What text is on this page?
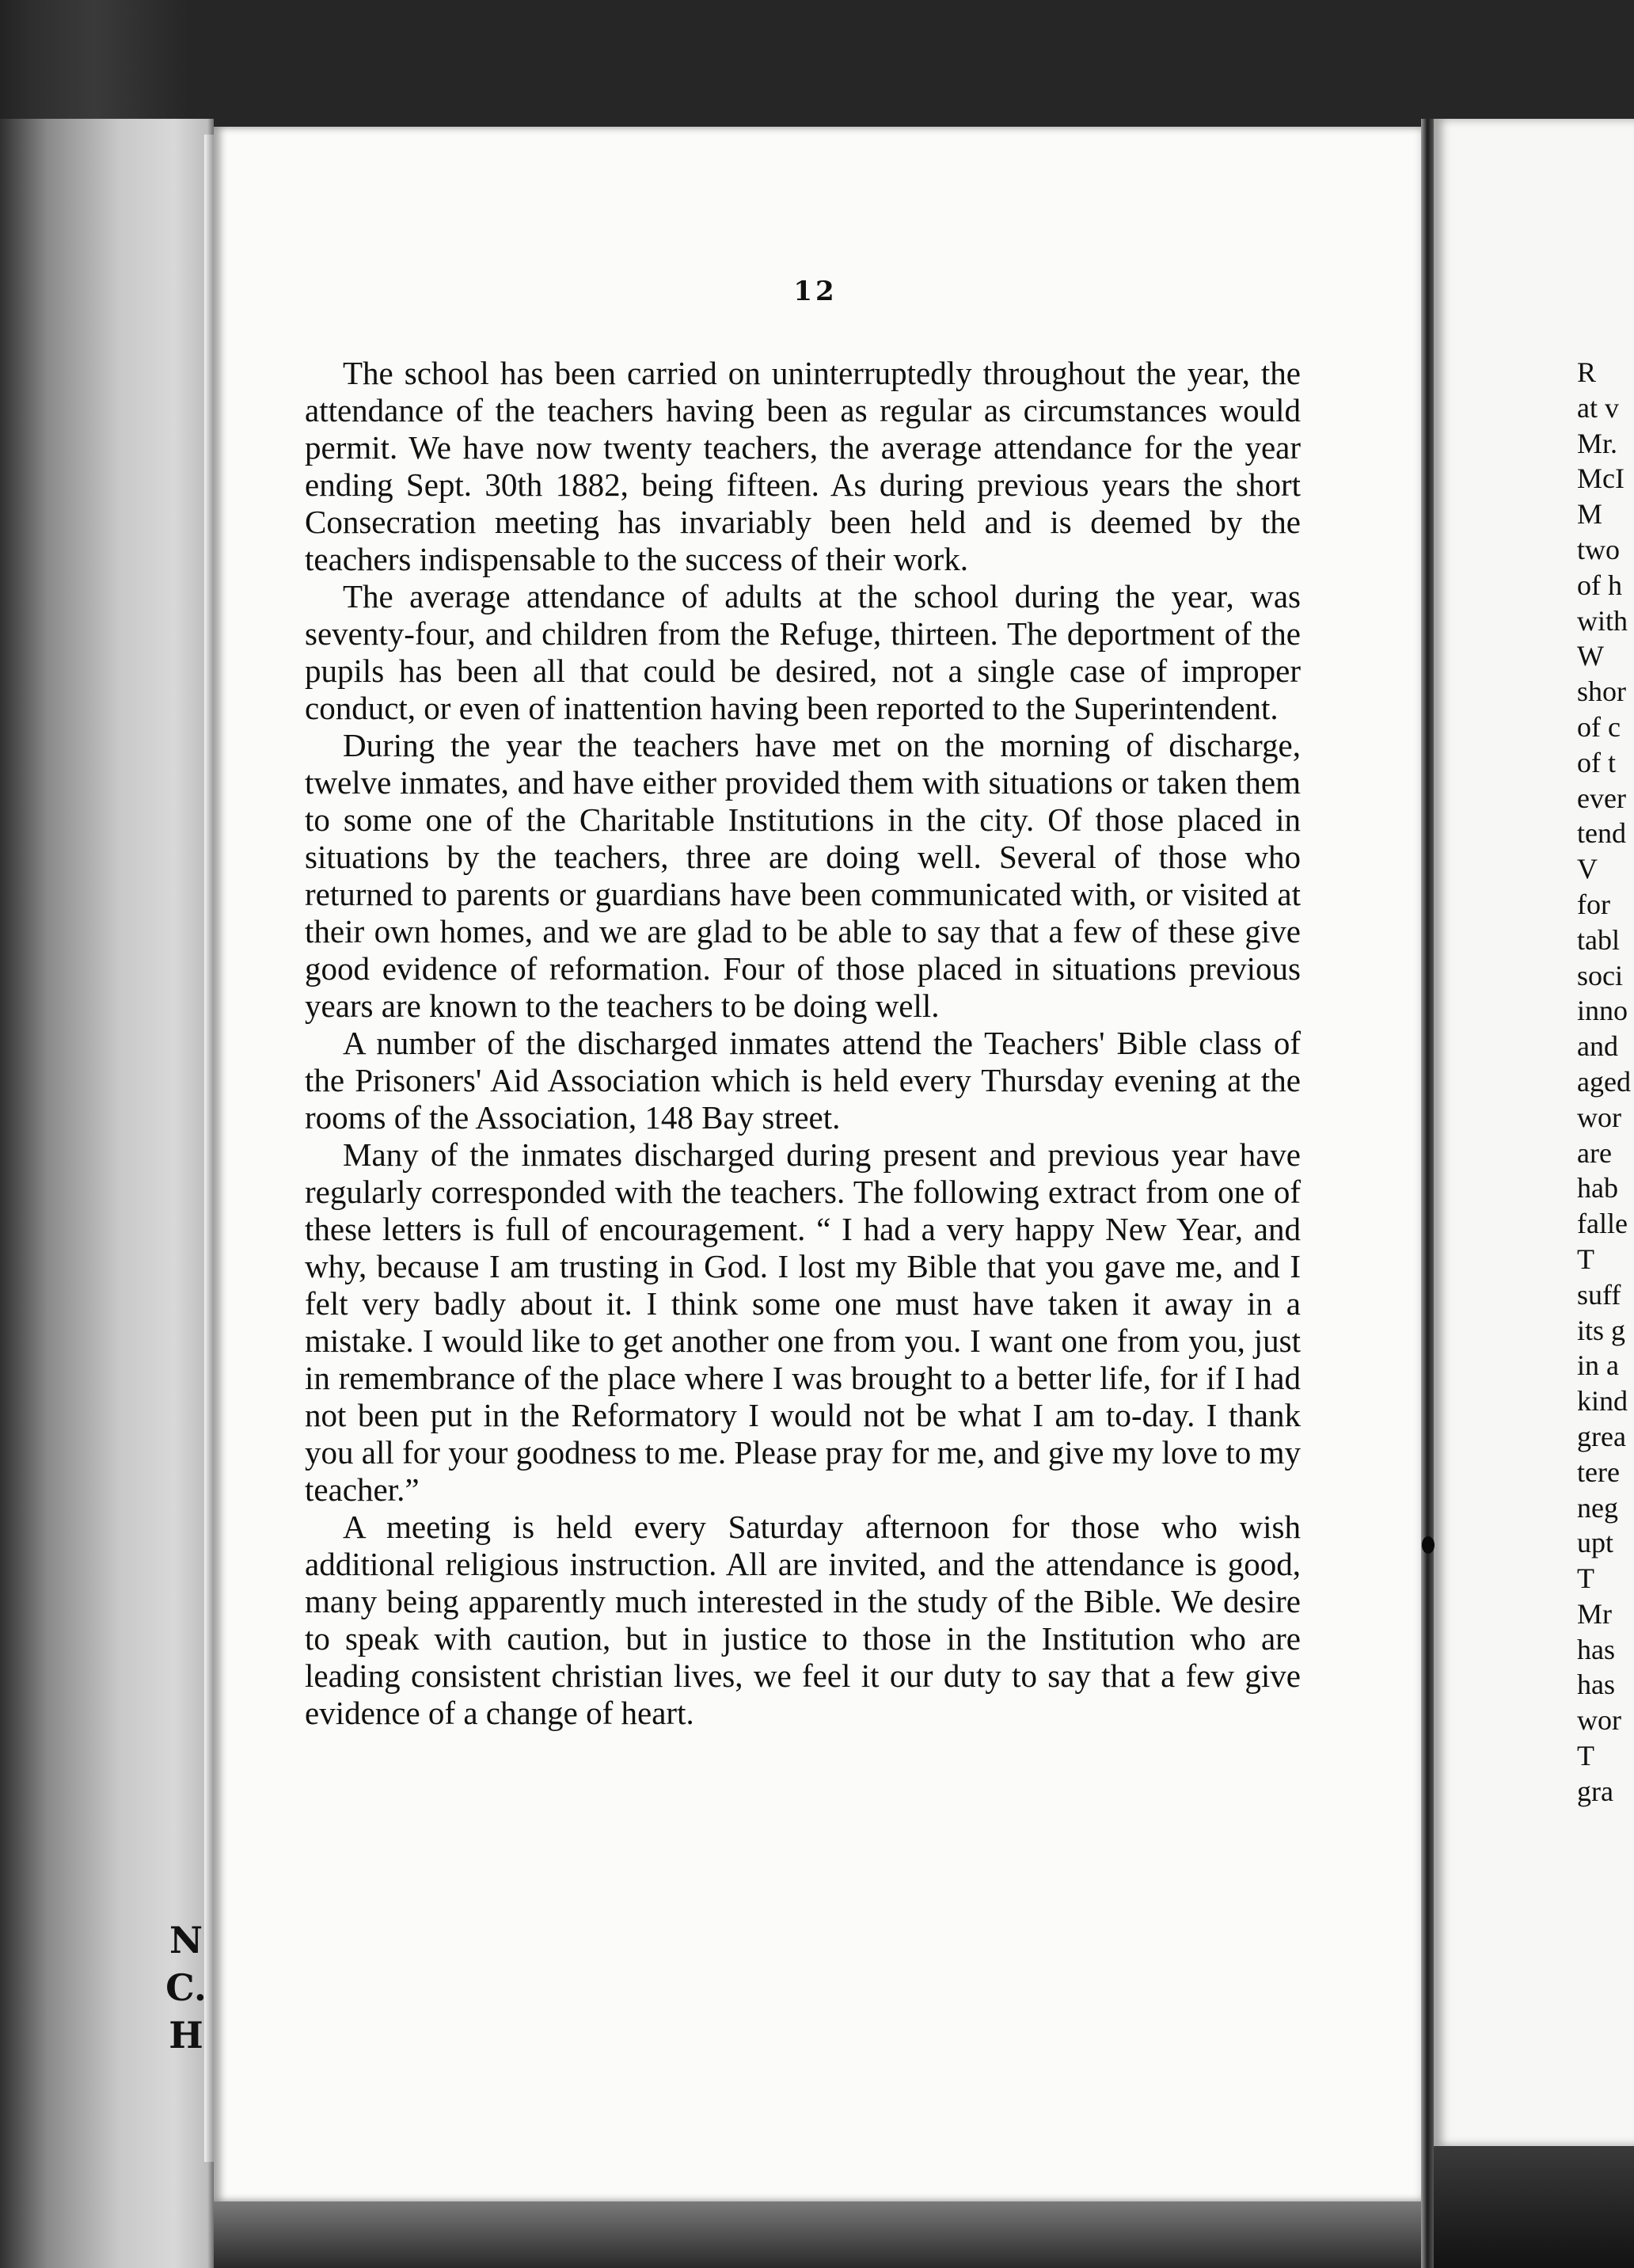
N
C.
H
12

The school has been carried on uninterruptedly throughout the year, the attendance of the teachers having been as regular as circumstances would permit. We have now twenty teachers, the average attendance for the year ending Sept. 30th 1882, being fifteen. As during previous years the short Consecration meeting has invariably been held and is deemed by the teachers indispensable to the success of their work.

The average attendance of adults at the school during the year, was seventy-four, and children from the Refuge, thirteen. The deportment of the pupils has been all that could be desired, not a single case of improper conduct, or even of inattention having been reported to the Superintendent.

During the year the teachers have met on the morning of discharge, twelve inmates, and have either provided them with situations or taken them to some one of the Charitable Institutions in the city. Of those placed in situations by the teachers, three are doing well. Several of those who returned to parents or guardians have been communicated with, or visited at their own homes, and we are glad to be able to say that a few of these give good evidence of reformation. Four of those placed in situations previous years are known to the teachers to be doing well.

A number of the discharged inmates attend the Teachers' Bible class of the Prisoners' Aid Association which is held every Thursday evening at the rooms of the Association, 148 Bay street.

Many of the inmates discharged during present and previous year have regularly corresponded with the teachers. The following extract from one of these letters is full of encouragement. “ I had a very happy New Year, and why, because I am trusting in God. I lost my Bible that you gave me, and I felt very badly about it. I think some one must have taken it away in a mistake. I would like to get another one from you. I want one from you, just in remembrance of the place where I was brought to a better life, for if I had not been put in the Reformatory I would not be what I am to-day. I thank you all for your goodness to me. Please pray for me, and give my love to my teacher.”

A meeting is held every Saturday afternoon for those who wish additional religious instruction. All are invited, and the attendance is good, many being apparently much interested in the study of the Bible. We desire to speak with caution, but in justice to those in the Institution who are leading consistent christian lives, we feel it our duty to say that a few give evidence of a change of heart.

R
at v
Mr.
McI
M
two
of h
with
W
shor
of c
of t
ever
tend
V
for
tabl
soci
inno
and
aged
wor
are
hab
falle
T
suff
its g
in a
kind
grea
tere
neg
upt
T
Mr
has
has
wor
T
gra
